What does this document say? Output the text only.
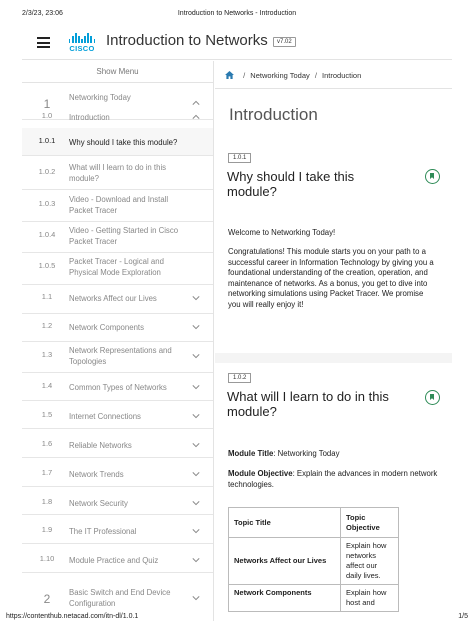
2/3/23, 23:06	Introduction to Networks - Introduction
CISCO Introduction to Networks	v7.02
Show Menu
1	Networking Today
1.0	Introduction
1.0.1	Why should I take this module?
1.0.2	What will I learn to do in this module?
1.0.3	Video - Download and Install Packet Tracer
1.0.4	Video - Getting Started in Cisco Packet Tracer
1.0.5	Packet Tracer - Logical and Physical Mode Exploration
1.1	Networks Affect our Lives
1.2	Network Components
1.3	Network Representations and Topologies
1.4	Common Types of Networks
1.5	Internet Connections
1.6	Reliable Networks
1.7	Network Trends
1.8	Network Security
1.9	The IT Professional
1.10	Module Practice and Quiz
2	Basic Switch and End Device Configuration
/ Networking Today / Introduction
Introduction
1.0.1
Why should I take this module?

Welcome to Networking Today!

Congratulations! This module starts you on your path to a successful career in Information Technology by giving you a foundational understanding of the creation, operation, and maintenance of networks. As a bonus, you get to dive into networking simulations using Packet Tracer. We promise you will really enjoy it!

1.0.2
What will I learn to do in this module?

Module Title: Networking Today

Module Objective: Explain the advances in modern network technologies.

Topic Title	Topic Objective
Networks Affect our Lives	Explain how networks affect our daily lives.
Network Components	Explain how host and
https://contenthub.netacad.com/itn-dl/1.0.1	1/5
